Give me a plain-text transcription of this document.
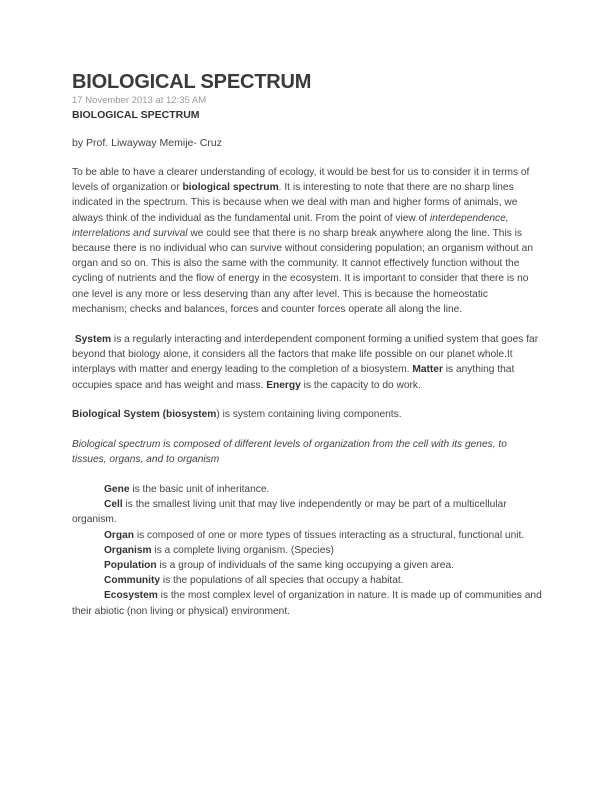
BIOLOGICAL SPECTRUM
17 November 2013 at 12:35 AM
BIOLOGICAL SPECTRUM
by Prof. Liwayway Memije- Cruz

To be able to have a clearer understanding of ecology, it would be best for us to consider it in terms of levels of organization or biological spectrum. It is interesting to note that there are no sharp lines indicated in the spectrum. This is because when we deal with man and higher forms of animals, we always think of the individual as the fundamental unit. From the point of view of interdependence, interrelations and survival we could see that there is no sharp break anywhere along the line. This is because there is no individual who can survive without considering population; an organism without an organ and so on. This is also the same with the community. It cannot effectively function without the cycling of nutrients and the flow of energy in the ecosystem. It is important to consider that there is no one level is any more or less deserving than any after level. This is because the homeostatic mechanism; checks and balances, forces and counter forces operate all along the line.

System is a regularly interacting and interdependent component forming a unified system that goes far beyond that biology alone, it considers all the factors that make life possible on our planet whole.It interplays with matter and energy leading to the completion of a biosystem. Matter is anything that occupies space and has weight and mass. Energy is the capacity to do work.

Biological System (biosystem) is system containing living components.

Biological spectrum is composed of different levels of organization from the cell with its genes, to tissues, organs, and to organism

Gene is the basic unit of inheritance.

Cell is the smallest living unit that may live independently or may be part of a multicellular organism.

Organ is composed of one or more types of tissues interacting as a structural, functional unit.

Organism is a complete living organism. (Species)

Population is a group of individuals of the same king occupying a given area.

Community is the populations of all species that occupy a habitat.

Ecosystem is the most complex level of organization in nature. It is made up of communities and their abiotic (non living or physical) environment.
